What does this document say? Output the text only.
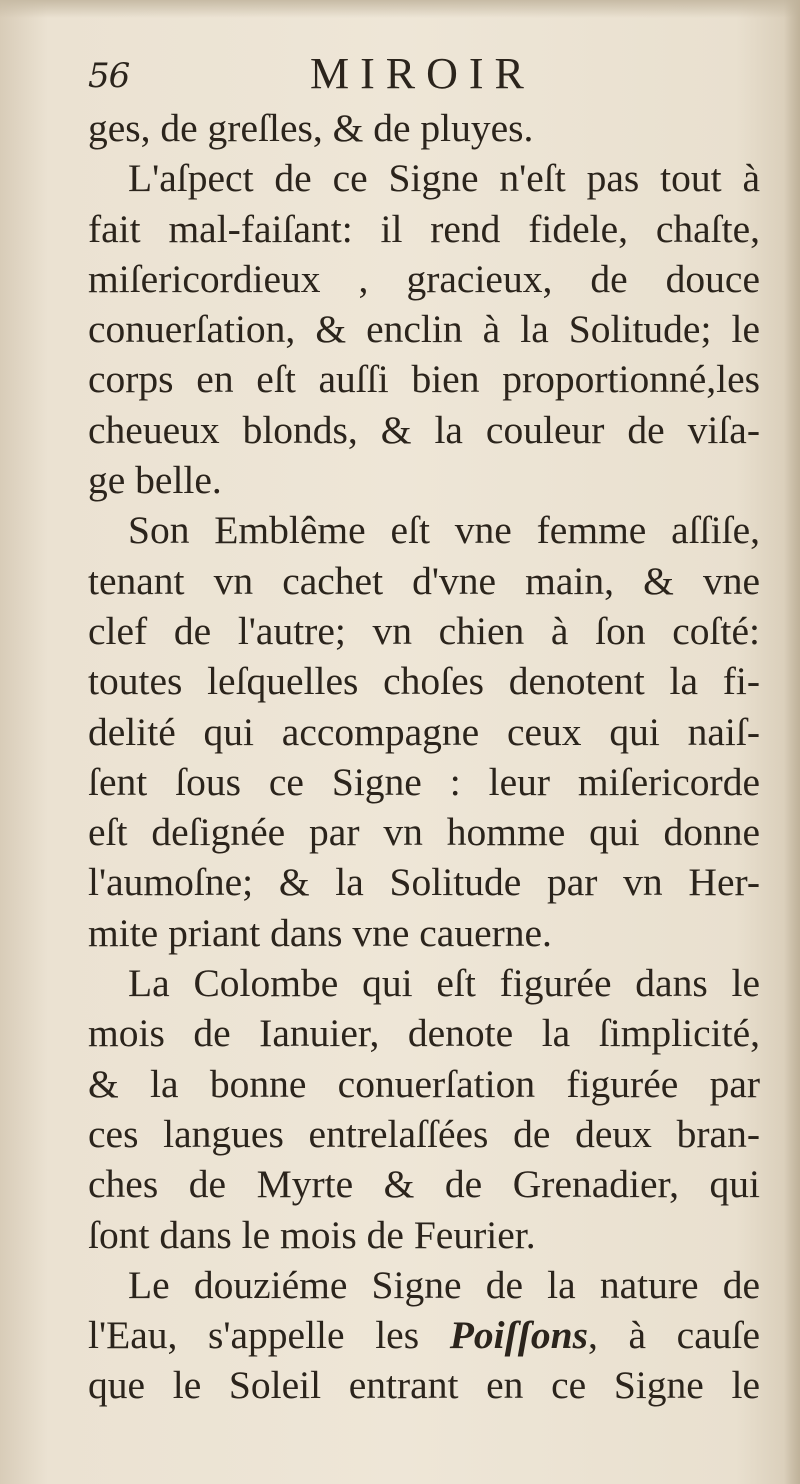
56	MIROIR
ges, de greſles, & de pluyes.
L'aſpect de ce Signe n'eſt pas tout à
fait mal-faiſant: il rend fidele, chaſte,
miſericordieux , gracieux, de douce
conuerſation, & enclin à la Solitude; le
corps en eſt auſſi bien proportionné,les
cheueux blonds, & la couleur de viſa-
ge belle.
Son Emblême eſt vne femme aſſiſe,
tenant vn cachet d'vne main, & vne
clef de l'autre; vn chien à ſon coſté:
toutes leſquelles choſes denotent la fi-
delité qui accompagne ceux qui naiſ-
ſent ſous ce Signe : leur miſericorde
eſt deſignée par vn homme qui donne
l'aumoſne; & la Solitude par vn Her-
mite priant dans vne cauerne.
La Colombe qui eſt figurée dans le
mois de Ianuier, denote la ſimplicité,
& la bonne conuerſation figurée par
ces langues entrelaſſées de deux bran-
ches de Myrte & de Grenadier, qui
ſont dans le mois de Feurier.
Le douziéme Signe de la nature de
l'Eau, s'appelle les Poiſſons, à cauſe
que le Soleil entrant en ce Signe le
